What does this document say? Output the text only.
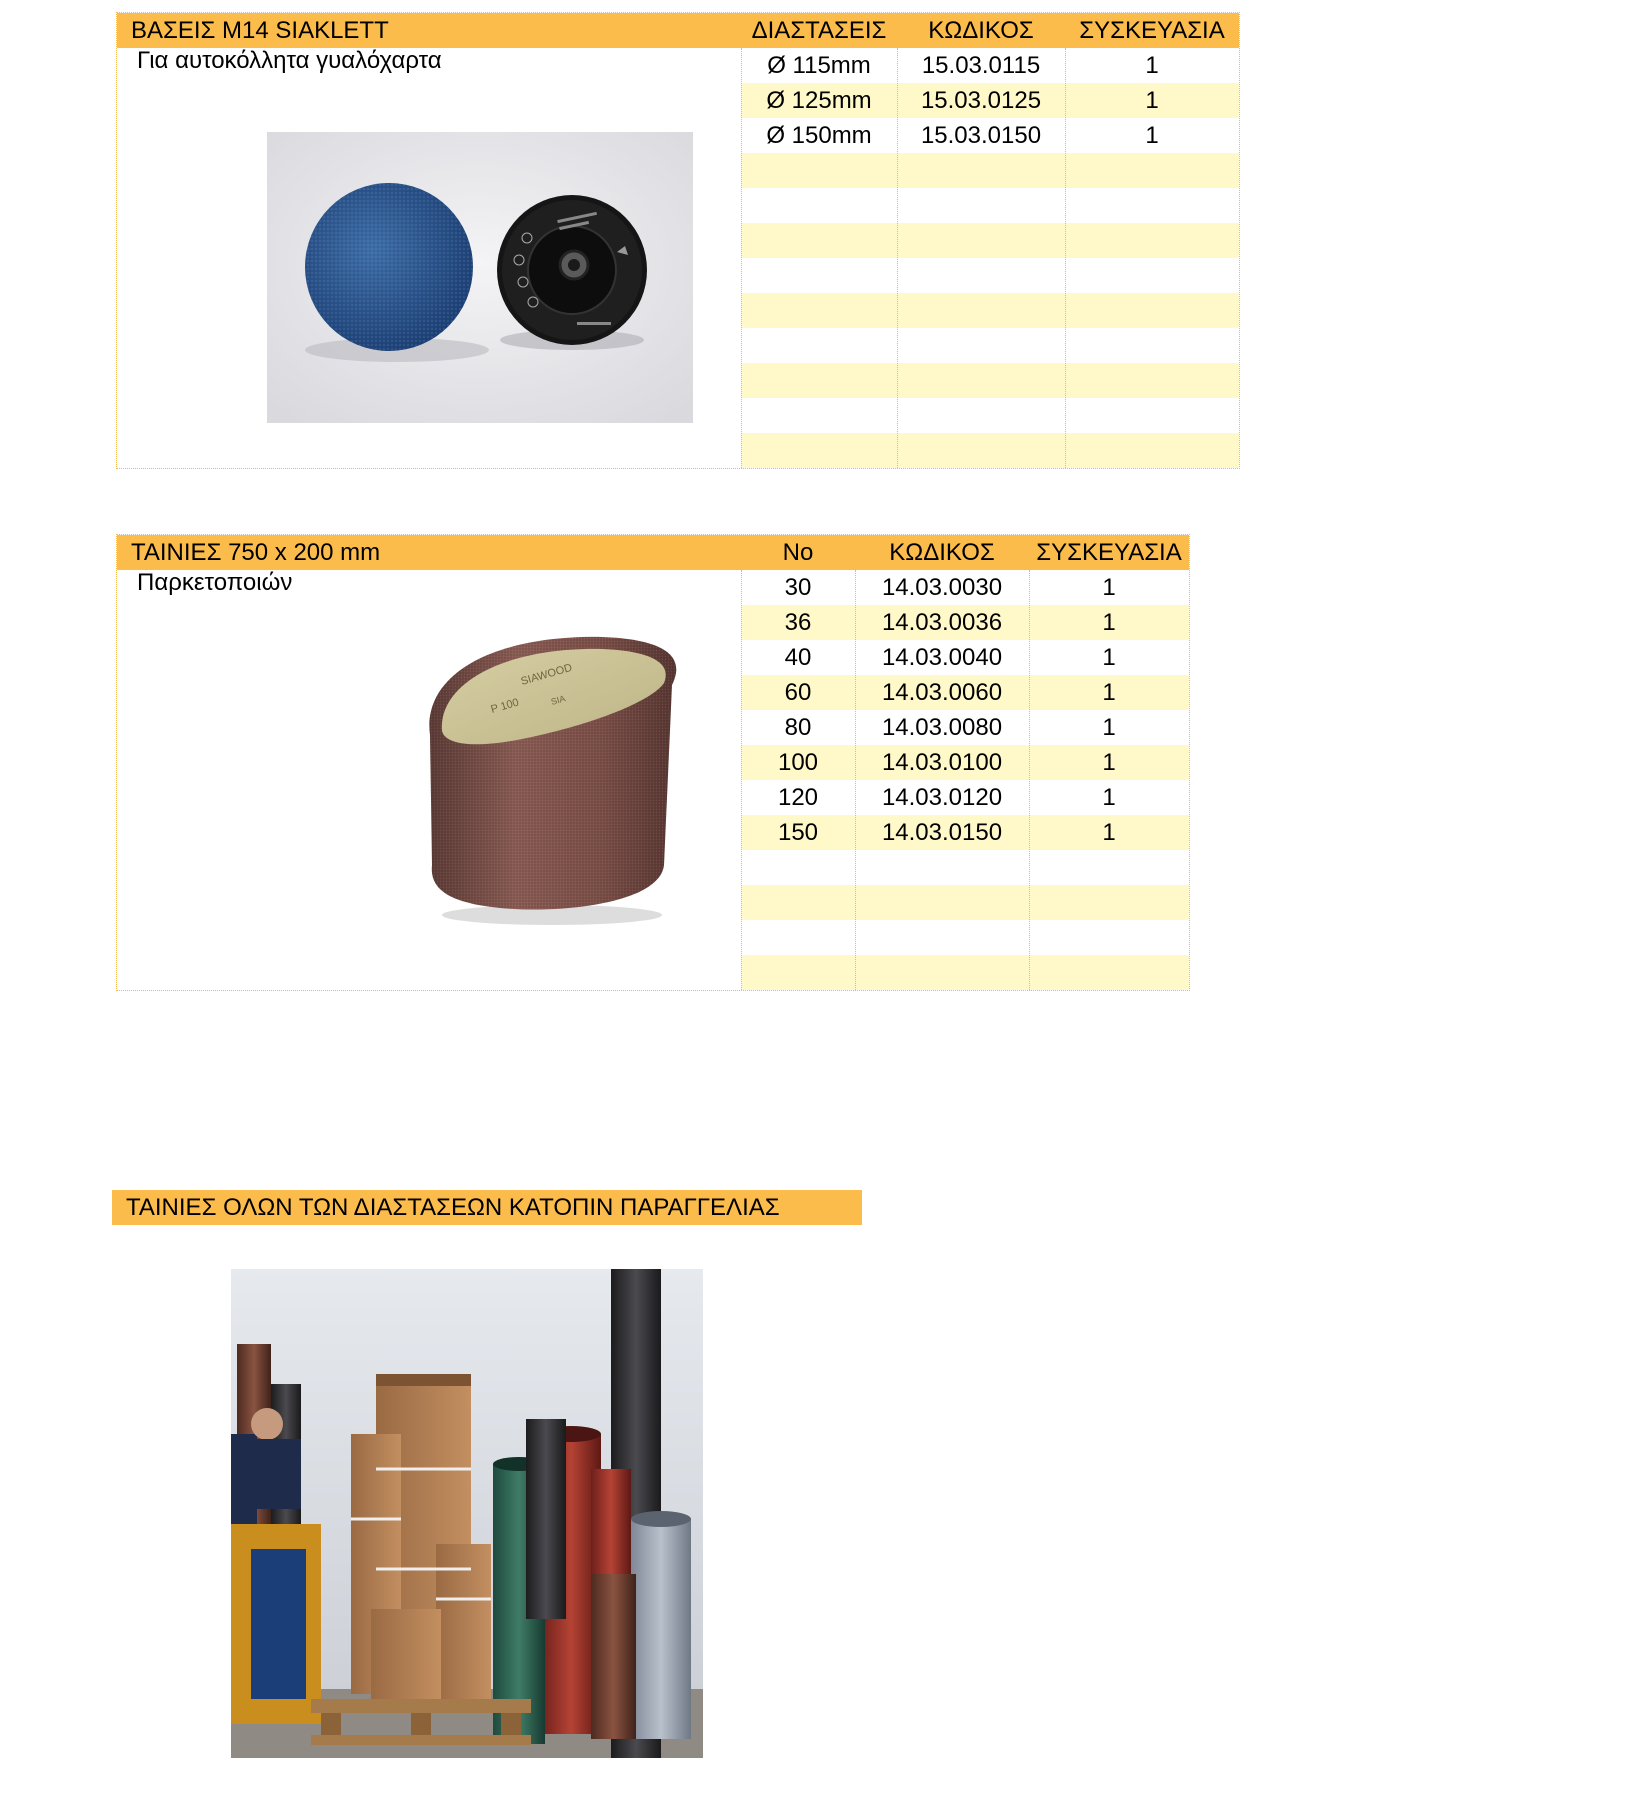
ΒΑΣΕΙΣ Μ14 SIAKLETT	ΔΙΑΣΤΑΣΕΙΣ	ΚΩΔΙΚΟΣ	ΣΥΣΚΕΥΑΣΙΑ
Για αυτοκόλλητα γυαλόχαρτα	Ø 115mm	15.03.0115	1
Ø 125mm	15.03.0125	1
Ø 150mm	15.03.0150	1
ΤΑΙΝΙΕΣ 750 x 200 mm	No	ΚΩΔΙΚΟΣ	ΣΥΣΚΕΥΑΣΙΑ
Παρκετοποιών	30	14.03.0030	1
36	14.03.0036	1
40	14.03.0040	1
60	14.03.0060	1
80	14.03.0080	1
100	14.03.0100	1
120	14.03.0120	1
150	14.03.0150	1
SIAWOOD
P 100	SIA
ΤΑΙΝΙΕΣ ΟΛΩΝ ΤΩΝ ΔΙΑΣΤΑΣΕΩΝ ΚΑΤΟΠΙΝ ΠΑΡΑΓΓΕΛΙΑΣ
